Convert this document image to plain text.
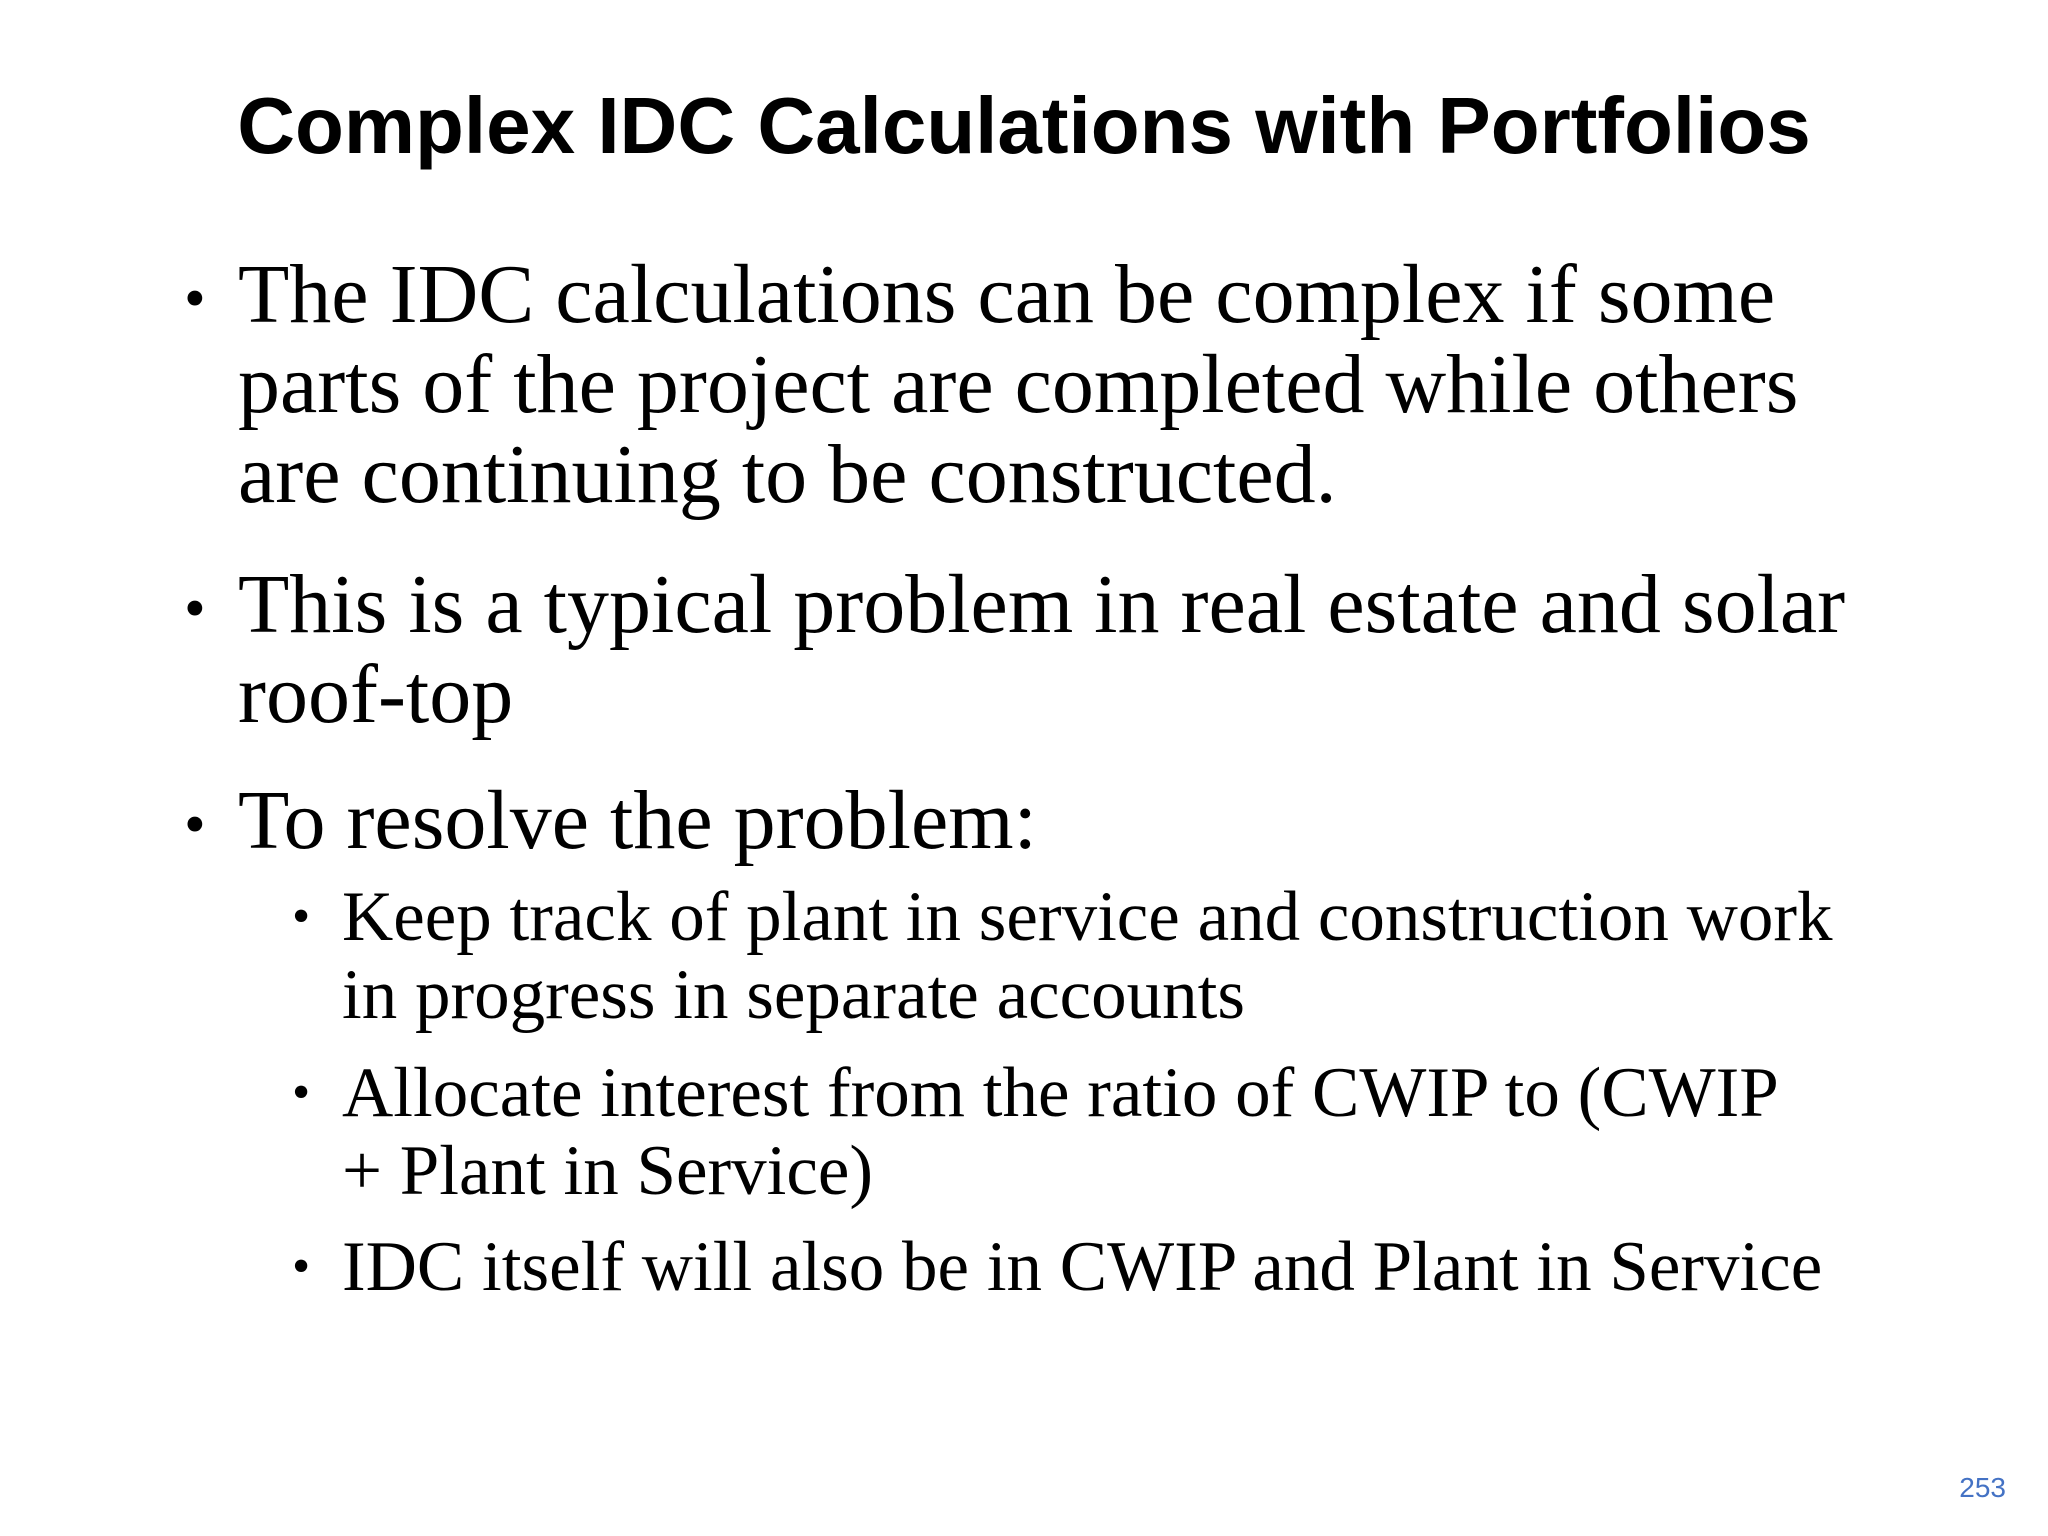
Complex IDC Calculations with Portfolios
• The IDC calculations can be complex if some
parts of the project are completed while others
are continuing to be constructed.
• This is a typical problem in real estate and solar
roof-top
• To resolve the problem:
• Keep track of plant in service and construction work
in progress in separate accounts
• Allocate interest from the ratio of CWIP to (CWIP
+ Plant in Service)
• IDC itself will also be in CWIP and Plant in Service
253
